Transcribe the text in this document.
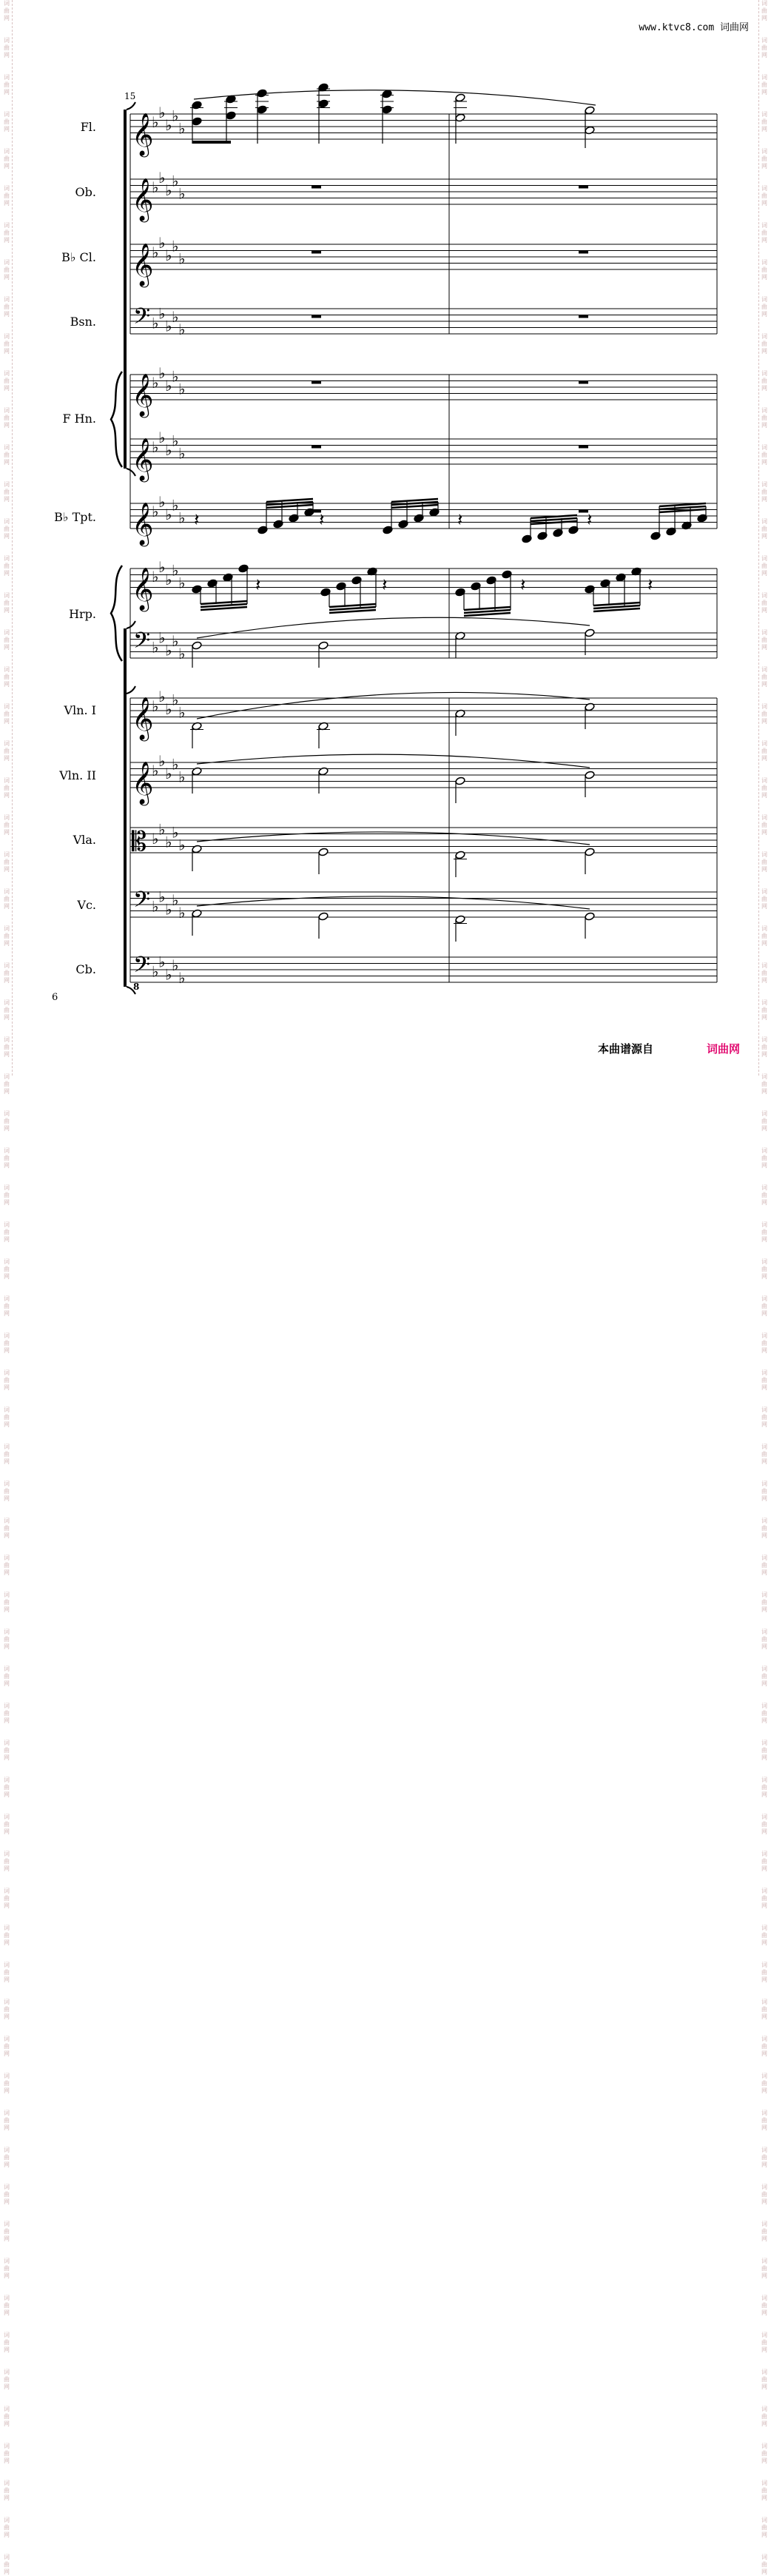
词
曲
网

词
曲
网

词
曲
网

词
曲
网

词
曲
网

词
曲
网

词
曲
网

词
曲
网

词
曲
网

词
曲
网

词
曲
网

词
曲
网

词
曲
网

词
曲
网

词
曲
网

词
曲
网

词
曲
网

词
曲
网

词
曲
网

词
曲
网

词
曲
网

词
曲
网

词
曲
网

词
曲
网

词
曲
网

词
曲
网

词
曲
网

词
曲
网

词
曲
网

词
曲
网

词
曲
网

词
曲
网

词
曲
网

词
曲
网

词
曲
网

词
曲
网

词
曲
网

词
曲
网

词
曲
网

词
曲
网

词
曲
网

词
曲
网

词
曲
网

词
曲
网

词
曲
网

词
曲
网

词
曲
网

词
曲
网

词
曲
网

词
曲
网

词
曲
网

词
曲
网

词
曲
网

词
曲
网

词
曲
网

词
曲
网

词
曲
网

词
曲
网

词
曲
网

词
曲
网

词
曲
网

词
曲
网

词
曲
网

词
曲
网

词
曲
网

词
曲
网

词
曲
网

词
曲
网

词
曲
网

词
曲
网

词
曲
网

词
曲
网

词
曲
网

词
曲
网

词
曲
网

词
曲
网

词
曲
网

词
曲
网

词
曲
网

词
曲
网

词
曲
网

词
曲
网

词
曲
网

词
曲
网

词
曲
网

词
曲
网

词
曲
网

词
曲
网

词
曲
网

词
曲
网

词
曲
网

词
曲
网

词
曲
网

词
曲
网

词
曲
网

词
曲
网

词
曲
网

词
曲
网

词
曲
网

词
曲
网

词
曲
网

词
曲
网

词
曲
网

词
曲
网

词
曲
网

词
曲
网

词
曲
网

词
曲
网

词
曲
网

词
曲
网

词
曲
网

词
曲
网

词
曲
网

词
曲
网

词
曲
网

词
曲
网

词
曲
网

词
曲
网

词
曲
网

词
曲
网

词
曲
网

词
曲
网

词
曲
网

词
曲
网

词
曲
网

词
曲
网

词
曲
网

词
曲
网

词
曲
网

词
曲
网

词
曲
网

词
曲
网

词
曲
网

词
曲
网

词
曲
网

词
曲
网

词
曲
网

词
曲
网

词
曲
网

词
曲
网

www.ktvc8.com 词曲网
Fl.
Ob.
B♭ Cl.
Bsn.
F Hn.
B♭ Tpt.
Hrp.
Vln. I
Vln. II
Vla.
Vc.
Cb.
𝄞
♭
♭
♭
♭
♭
𝄞
♭
♭
♭
♭
♭
𝄞
♭
♭
♭
♭
♭
𝄢 ♭
♭
♭
♭
♭
𝄞
♭
♭
♭
♭
♭
𝄞
♭
♭
♭
♭
♭
𝄞
♭
♭
♭
♭
♭
𝄞
♭
♭
♭
♭
♭
𝄢 ♭
♭
♭
♭
♭
𝄞
♭
♭
♭
♭
♭
𝄞
♭
♭
♭
♭
♭
𝄡 ♭
♭
♭
♭
♭
𝄢 ♭
♭
♭
♭
♭
𝄢 ♭
♭
♭
♭
♭
15
8
𝄽	𝄽	𝄽	𝄽
𝄽	𝄽	𝄽	𝄽
6
本曲谱源自	词曲网
